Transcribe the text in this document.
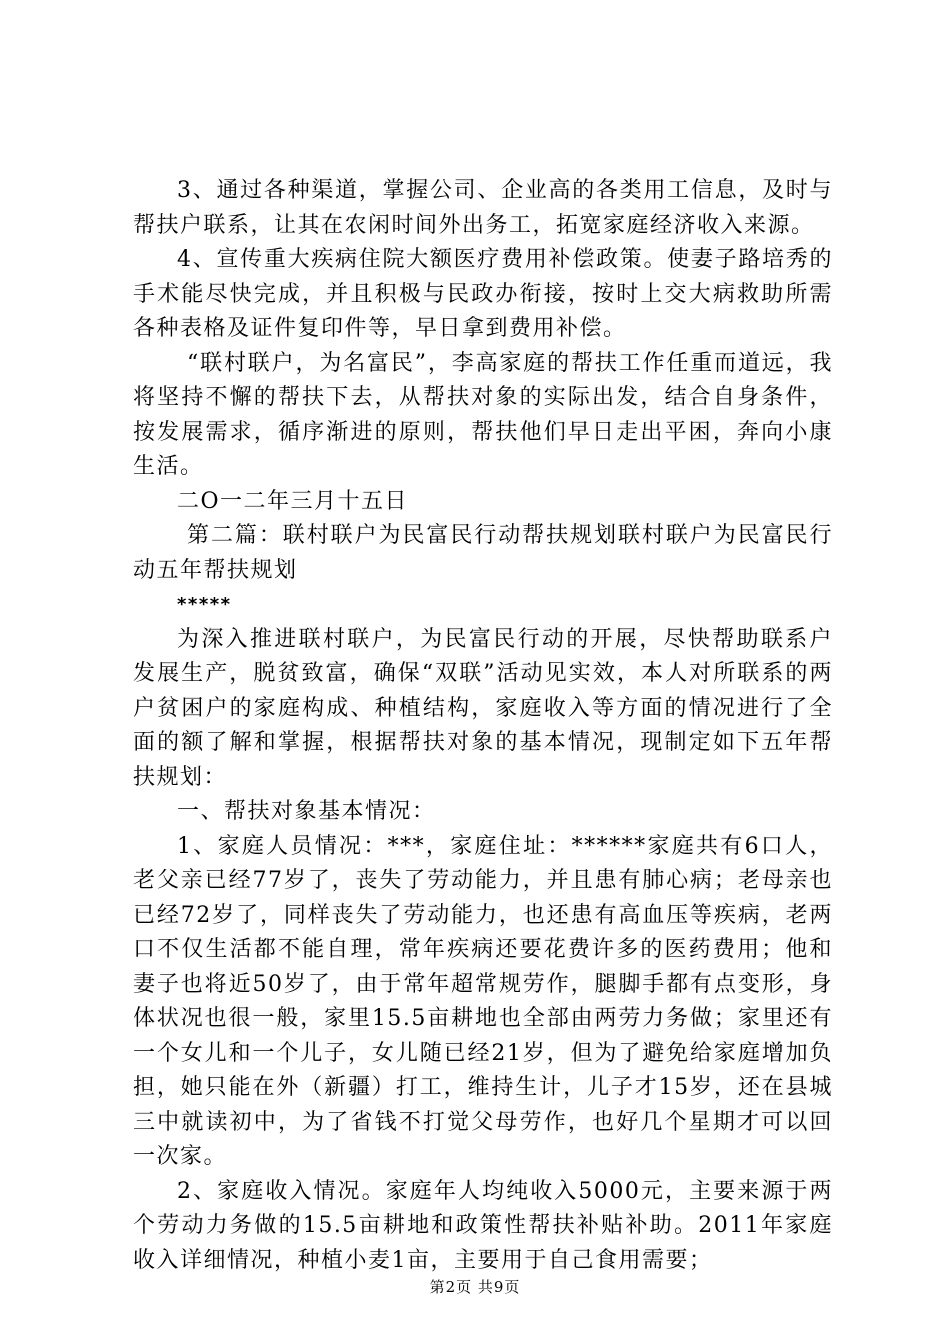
3、通过各种渠道，掌握公司、企业高的各类用工信息，及时与帮扶户联系，让其在农闲时间外出务工，拓宽家庭经济收入来源。

4、宣传重大疾病住院大额医疗费用补偿政策。使妻子路培秀的手术能尽快完成，并且积极与民政办衔接，按时上交大病救助所需各种表格及证件复印件等，早日拿到费用补偿。

“联村联户，为名富民”，李高家庭的帮扶工作任重而道远，我将坚持不懈的帮扶下去，从帮扶对象的实际出发，结合自身条件，按发展需求，循序渐进的原则，帮扶他们早日走出平困，奔向小康生活。

二O一二年三月十五日

第二篇：联村联户为民富民行动帮扶规划联村联户为民富民行动五年帮扶规划

*****

为深入推进联村联户，为民富民行动的开展，尽快帮助联系户发展生产，脱贫致富，确保“双联”活动见实效，本人对所联系的两户贫困户的家庭构成、种植结构，家庭收入等方面的情况进行了全面的额了解和掌握，根据帮扶对象的基本情况，现制定如下五年帮扶规划：

一、帮扶对象基本情况：

1、家庭人员情况：***，家庭住址：******家庭共有6口人，老父亲已经77岁了，丧失了劳动能力，并且患有肺心病；老母亲也已经72岁了，同样丧失了劳动能力，也还患有高血压等疾病，老两口不仅生活都不能自理，常年疾病还要花费许多的医药费用；他和妻子也将近50岁了，由于常年超常规劳作，腿脚手都有点变形，身体状况也很一般，家里15.5亩耕地也全部由两劳力务做；家里还有一个女儿和一个儿子，女儿随已经21岁，但为了避免给家庭增加负担，她只能在外（新疆）打工，维持生计，儿子才15岁，还在县城三中就读初中，为了省钱不打觉父母劳作，也好几个星期才可以回一次家。

2、家庭收入情况。家庭年人均纯收入5000元，主要来源于两个劳动力务做的15.5亩耕地和政策性帮扶补贴补助。2011年家庭收入详细情况，种植小麦1亩，主要用于自己食用需要；

第2页 共9页
